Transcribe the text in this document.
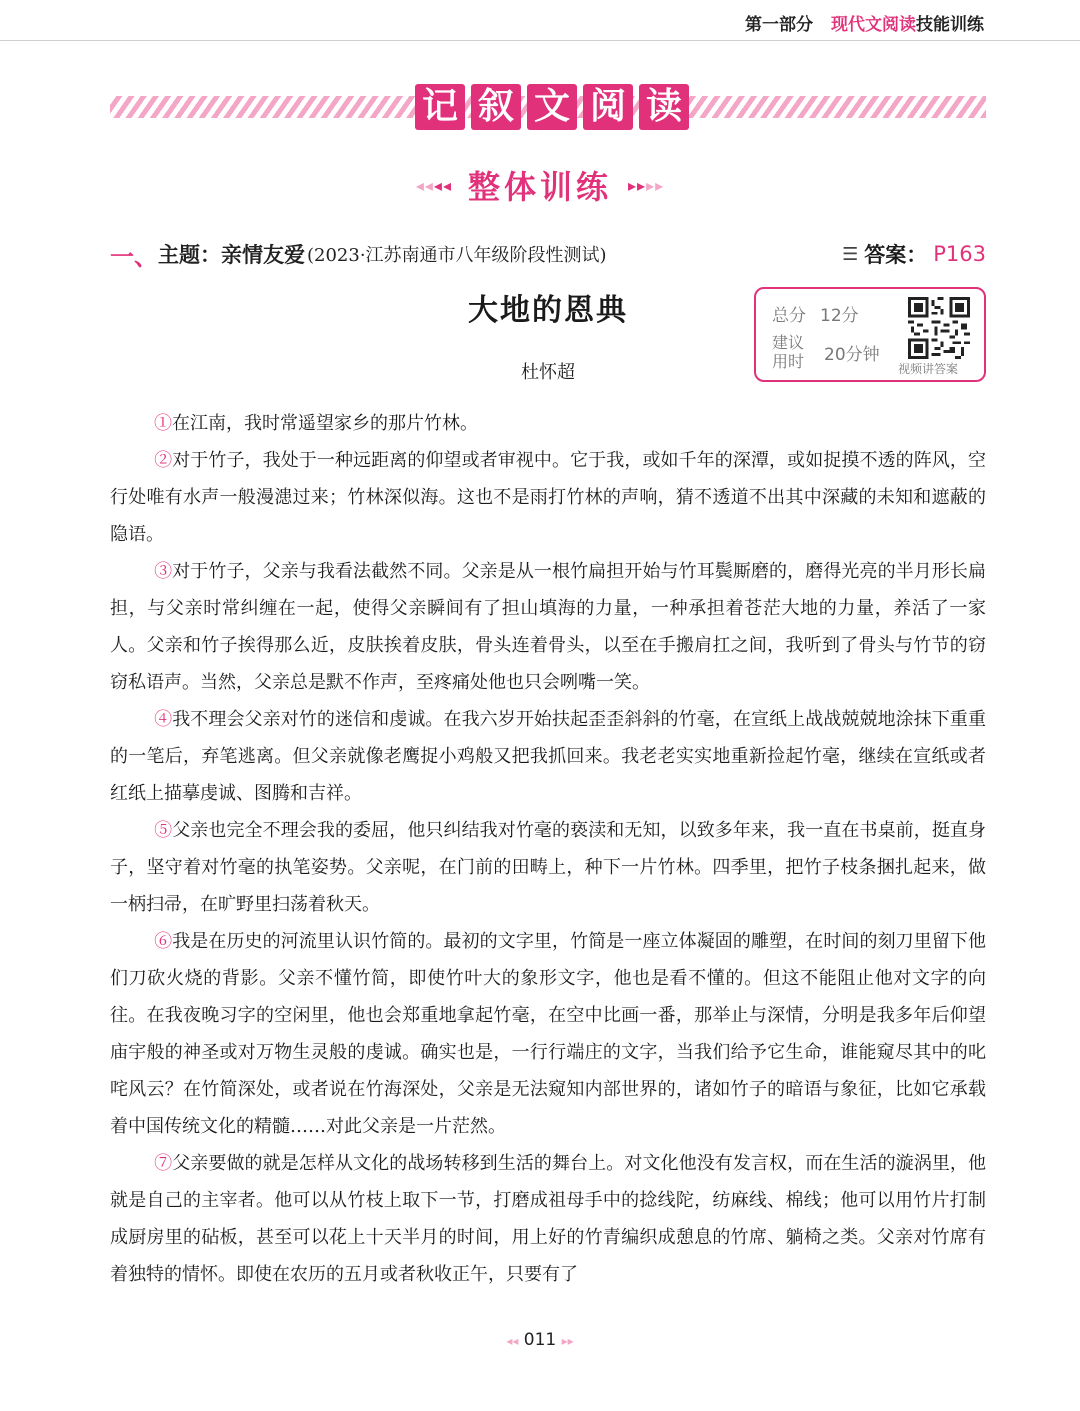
第一部分 现代文阅读技能训练
记 叙 文 阅 读
◂◂◂◂ 整体训练 ▸▸▸▸
一、 主题：亲情友爱 (2023·江苏南通市八年级阶段性测试)	☰ 答案： P163
大地的恩典
杜怀超
总分 12分
建议用时 20分钟
视频讲答案

①在江南，我时常遥望家乡的那片竹林。

②对于竹子，我处于一种远距离的仰望或者审视中。它于我，或如千年的深潭，或如捉摸不透的阵风，空行处唯有水声一般漫漶过来；竹林深似海。这也不是雨打竹林的声响，猜不透道不出其中深藏的未知和遮蔽的隐语。

③对于竹子，父亲与我看法截然不同。父亲是从一根竹扁担开始与竹耳鬓厮磨的，磨得光亮的半月形长扁担，与父亲时常纠缠在一起，使得父亲瞬间有了担山填海的力量，一种承担着苍茫大地的力量，养活了一家人。父亲和竹子挨得那么近，皮肤挨着皮肤，骨头连着骨头，以至在手搬肩扛之间，我听到了骨头与竹节的窃窃私语声。当然，父亲总是默不作声，至疼痛处他也只会咧嘴一笑。

④我不理会父亲对竹的迷信和虔诚。在我六岁开始扶起歪歪斜斜的竹毫，在宣纸上战战兢兢地涂抹下重重的一笔后，弃笔逃离。但父亲就像老鹰捉小鸡般又把我抓回来。我老老实实地重新捡起竹毫，继续在宣纸或者红纸上描摹虔诚、图腾和吉祥。

⑤父亲也完全不理会我的委屈，他只纠结我对竹毫的亵渎和无知，以致多年来，我一直在书桌前，挺直身子，坚守着对竹毫的执笔姿势。父亲呢，在门前的田畴上，种下一片竹林。四季里，把竹子枝条捆扎起来，做一柄扫帚，在旷野里扫荡着秋天。

⑥我是在历史的河流里认识竹简的。最初的文字里，竹简是一座立体凝固的雕塑，在时间的刻刀里留下他们刀砍火烧的背影。父亲不懂竹简，即使竹叶大的象形文字，他也是看不懂的。但这不能阻止他对文字的向往。在我夜晚习字的空闲里，他也会郑重地拿起竹毫，在空中比画一番，那举止与深情，分明是我多年后仰望庙宇般的神圣或对万物生灵般的虔诚。确实也是，一行行端庄的文字，当我们给予它生命，谁能窥尽其中的叱咤风云？在竹简深处，或者说在竹海深处，父亲是无法窥知内部世界的，诸如竹子的暗语与象征，比如它承载着中国传统文化的精髓……对此父亲是一片茫然。

⑦父亲要做的就是怎样从文化的战场转移到生活的舞台上。对文化他没有发言权，而在生活的漩涡里，他就是自己的主宰者。他可以从竹枝上取下一节，打磨成祖母手中的捻线陀，纺麻线、棉线；他可以用竹片打制成厨房里的砧板，甚至可以花上十天半月的时间，用上好的竹青编织成憩息的竹席、躺椅之类。父亲对竹席有着独特的情怀。即使在农历的五月或者秋收正午，只要有了

◂◂ 011 ▸▸
